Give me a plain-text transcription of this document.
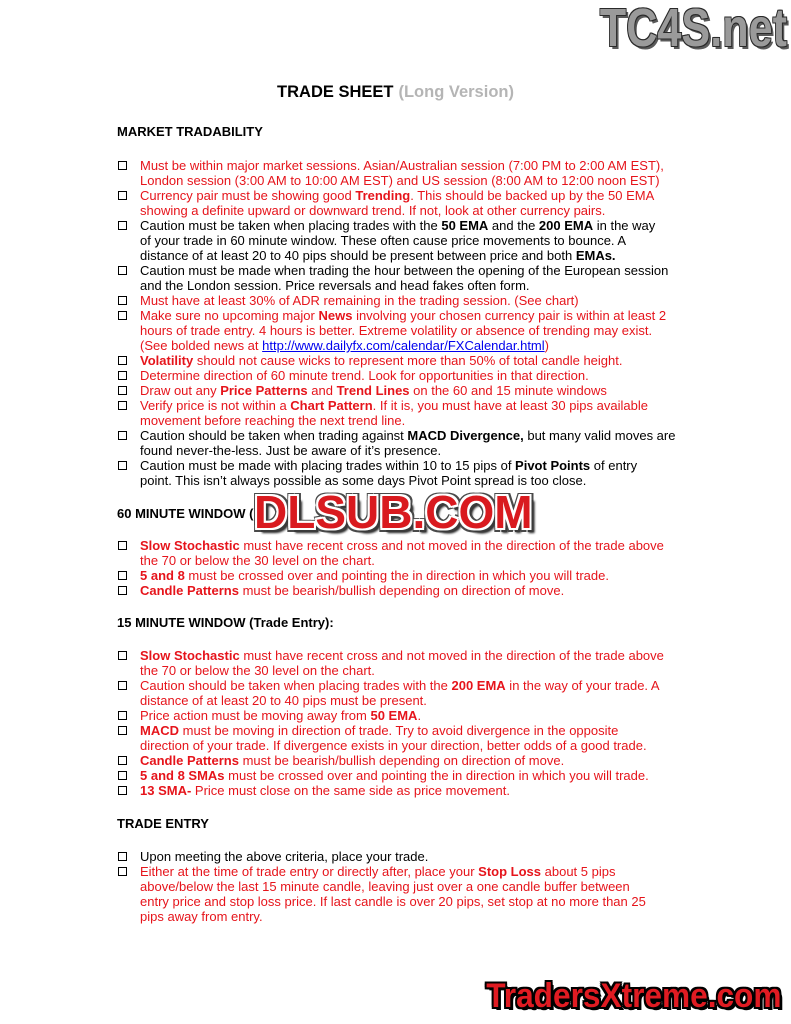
TC4S.net
TRADE SHEET (Long Version)
MARKET TRADABILITY
Must be within major market sessions. Asian/Australian session (7:00 PM to 2:00 AM EST),
London session (3:00 AM to 10:00 AM EST) and US session (8:00 AM to 12:00 noon EST)
Currency pair must be showing good Trending. This should be backed up by the 50 EMA
showing a definite upward or downward trend. If not, look at other currency pairs.
Caution must be taken when placing trades with the 50 EMA and the 200 EMA in the way
of your trade in 60 minute window. These often cause price movements to bounce. A
distance of at least 20 to 40 pips should be present between price and both EMAs.
Caution must be made when trading the hour between the opening of the European session
and the London session. Price reversals and head fakes often form.
Must have at least 30% of ADR remaining in the trading session. (See chart)
Make sure no upcoming major News involving your chosen currency pair is within at least 2
hours of trade entry. 4 hours is better. Extreme volatility or absence of trending may exist.
(See bolded news at http://www.dailyfx.com/calendar/FXCalendar.html)
Volatility should not cause wicks to represent more than 50% of total candle height.
Determine direction of 60 minute trend. Look for opportunities in that direction.
Draw out any Price Patterns and Trend Lines on the 60 and 15 minute windows
Verify price is not within a Chart Pattern. If it is, you must have at least 30 pips available
movement before reaching the next trend line.
Caution should be taken when trading against MACD Divergence, but many valid moves are
found never-the-less. Just be aware of it’s presence.
Caution must be made with placing trades within 10 to 15 pips of Pivot Points of entry
point. This isn’t always possible as some days Pivot Point spread is too close.
60 MINUTE WINDOW (
Slow Stochastic must have recent cross and not moved in the direction of the trade above
the 70 or below the 30 level on the chart.
5 and 8 must be crossed over and pointing the in direction in which you will trade.
Candle Patterns must be bearish/bullish depending on direction of move.
15 MINUTE WINDOW (Trade Entry):
Slow Stochastic must have recent cross and not moved in the direction of the trade above
the 70 or below the 30 level on the chart.
Caution should be taken when placing trades with the 200 EMA in the way of your trade. A
distance of at least 20 to 40 pips must be present.
Price action must be moving away from 50 EMA.
MACD must be moving in direction of trade. Try to avoid divergence in the opposite
direction of your trade. If divergence exists in your direction, better odds of a good trade.
Candle Patterns must be bearish/bullish depending on direction of move.
5 and 8 SMAs must be crossed over and pointing the in direction in which you will trade.
13 SMA- Price must close on the same side as price movement.
TRADE ENTRY
Upon meeting the above criteria, place your trade.
Either at the time of trade entry or directly after, place your Stop Loss about 5 pips
above/below the last 15 minute candle, leaving just over a one candle buffer between
entry price and stop loss price. If last candle is over 20 pips, set stop at no more than 25
pips away from entry.
DLSUB.COM
TradersXtreme.com
